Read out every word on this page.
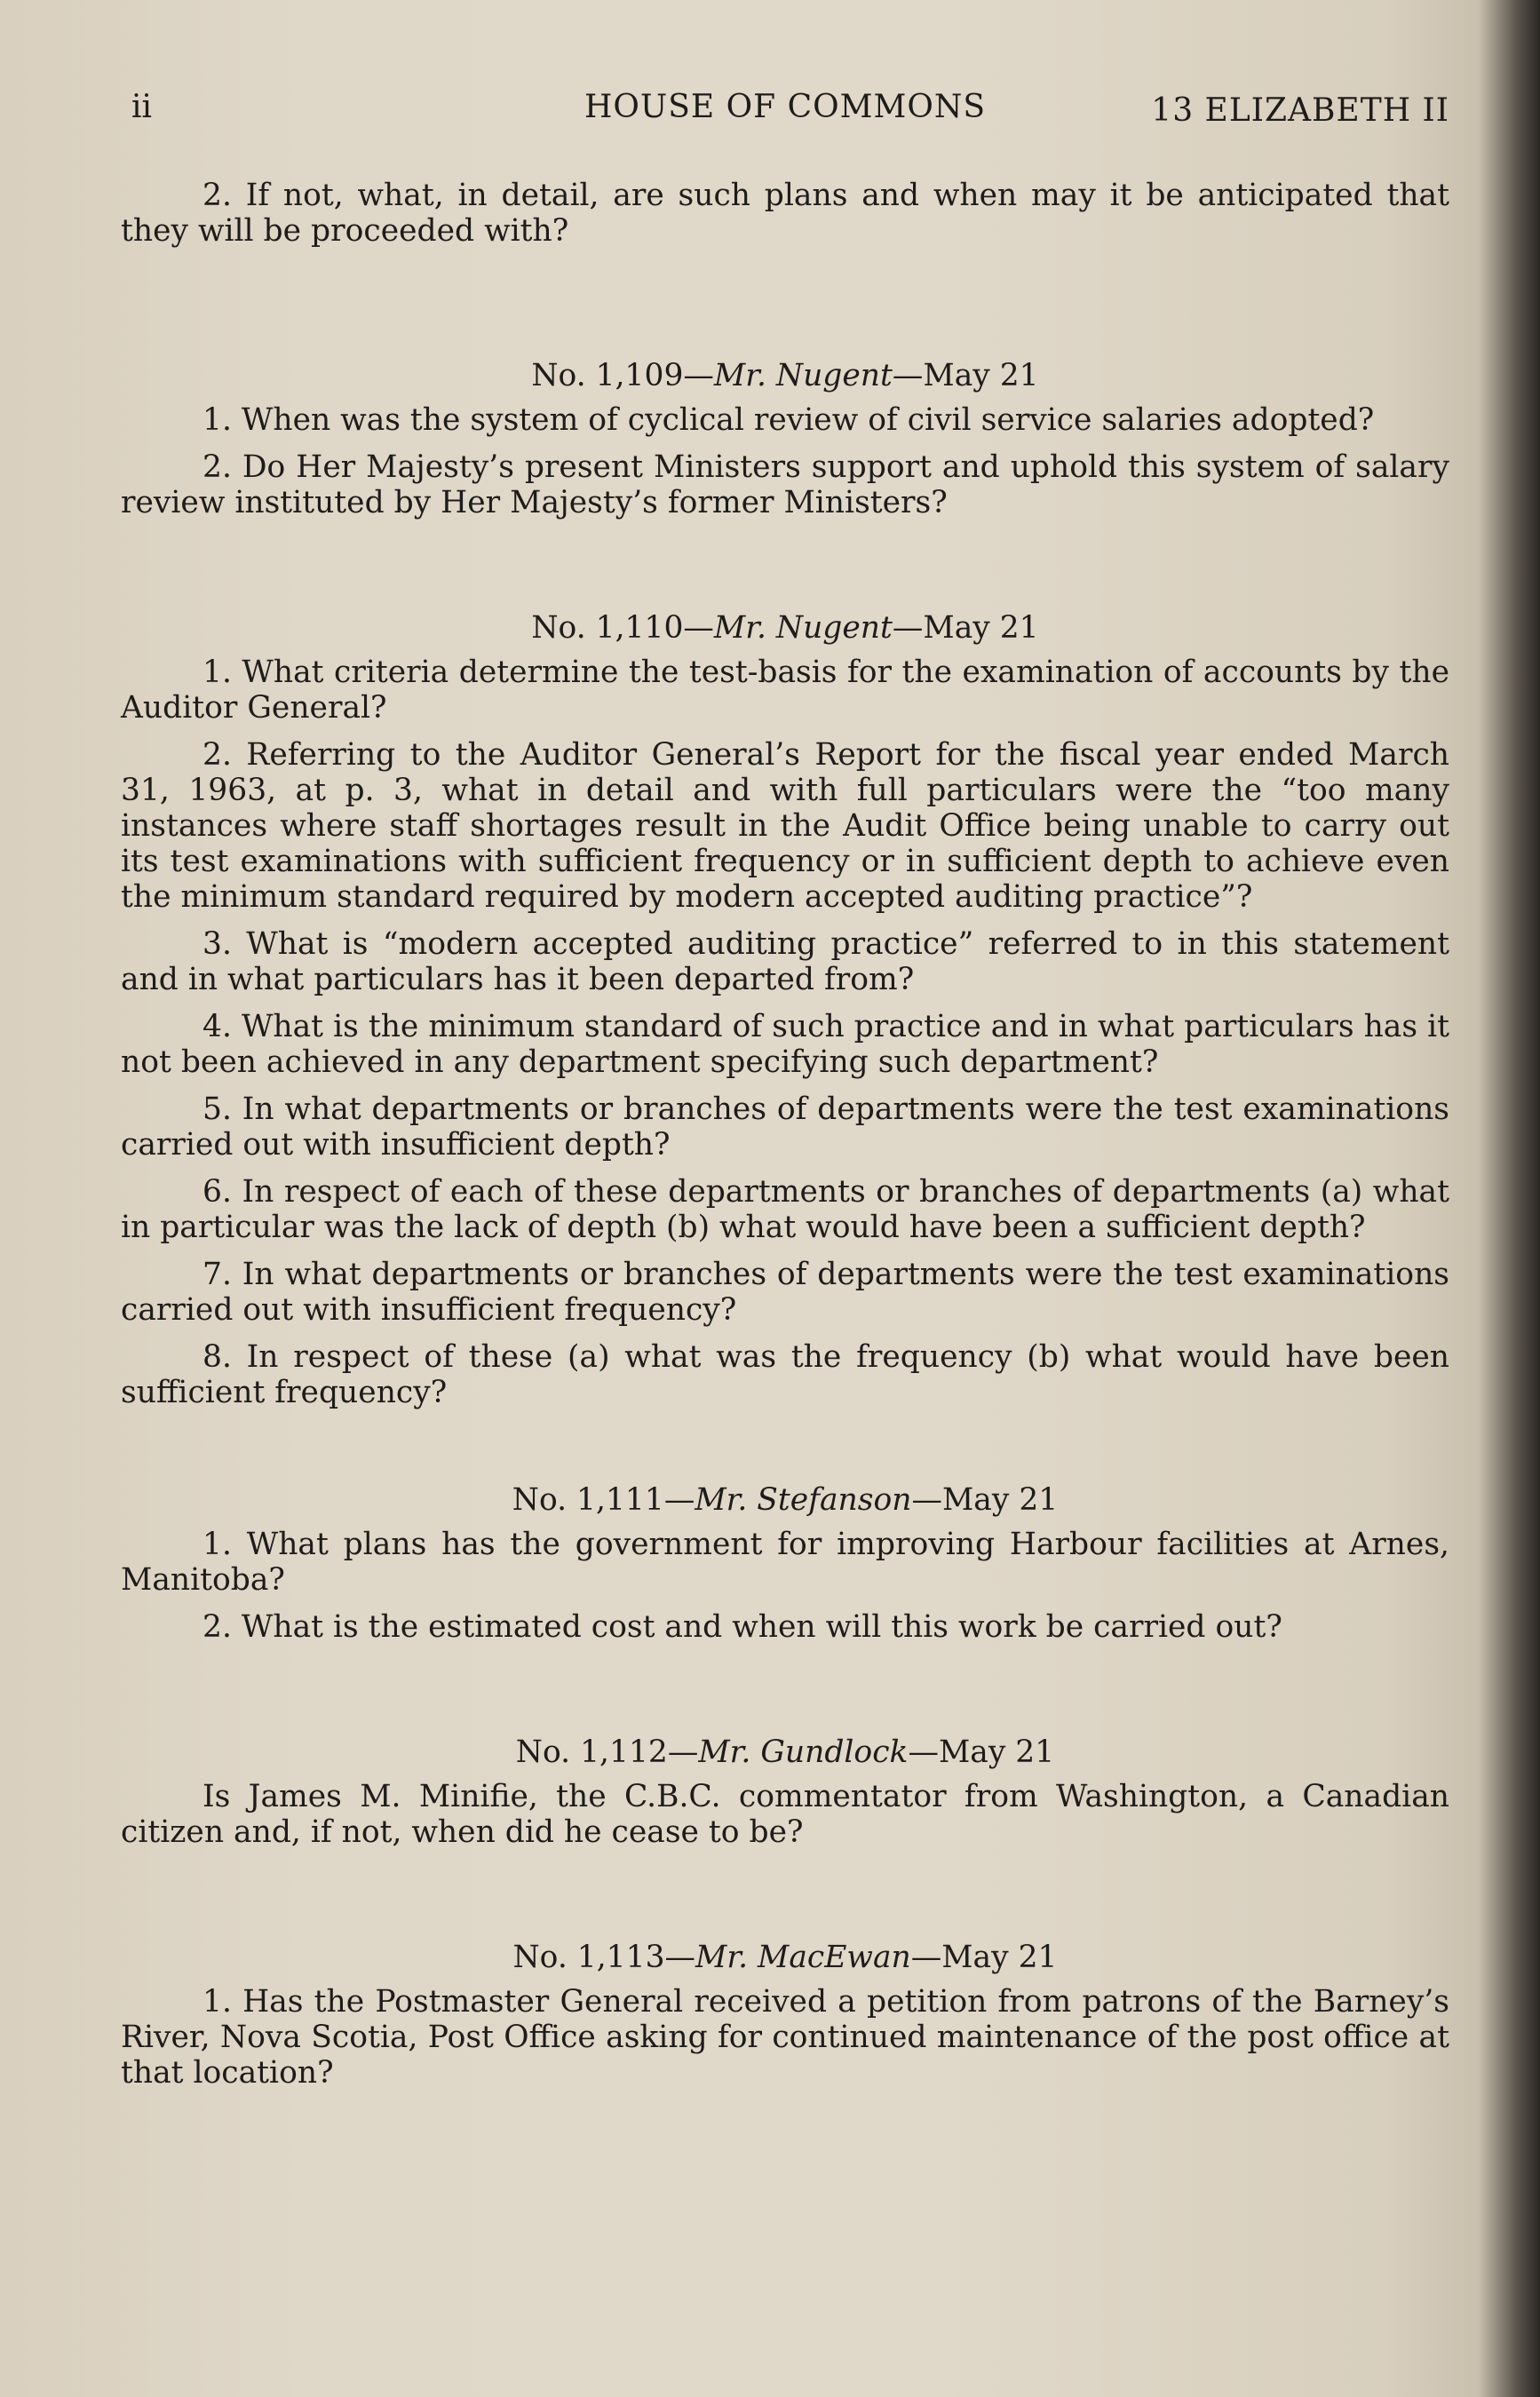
ii	HOUSE OF COMMONS	13 ELIZABETH II

2. If not, what, in detail, are such plans and when may it be anticipated that they will be proceeded with?

No. 1,109—Mr. Nugent—May 21

1. When was the system of cyclical review of civil service salaries adopted?

2. Do Her Majesty’s present Ministers support and uphold this system of salary review instituted by Her Majesty’s former Ministers?

No. 1,110—Mr. Nugent—May 21

1. What criteria determine the test-basis for the examination of accounts by the Auditor General?

2. Referring to the Auditor General’s Report for the fiscal year ended March 31, 1963, at p. 3, what in detail and with full particulars were the “too many instances where staff shortages result in the Audit Office being unable to carry out its test examinations with sufficient frequency or in sufficient depth to achieve even the minimum standard required by modern accepted auditing practice”?

3. What is “modern accepted auditing practice” referred to in this statement and in what particulars has it been departed from?

4. What is the minimum standard of such practice and in what particulars has it not been achieved in any department specifying such department?

5. In what departments or branches of departments were the test examinations carried out with insufficient depth?

6. In respect of each of these departments or branches of departments (a) what in particular was the lack of depth (b) what would have been a sufficient depth?

7. In what departments or branches of departments were the test examinations carried out with insufficient frequency?

8. In respect of these (a) what was the frequency (b) what would have been sufficient frequency?

No. 1,111—Mr. Stefanson—May 21

1. What plans has the government for improving Harbour facilities at Arnes, Manitoba?

2. What is the estimated cost and when will this work be carried out?

No. 1,112—Mr. Gundlock—May 21

Is James M. Minifie, the C.B.C. commentator from Washington, a Canadian citizen and, if not, when did he cease to be?

No. 1,113—Mr. MacEwan—May 21

1. Has the Postmaster General received a petition from patrons of the Barney’s River, Nova Scotia, Post Office asking for continued maintenance of the post office at that location?
